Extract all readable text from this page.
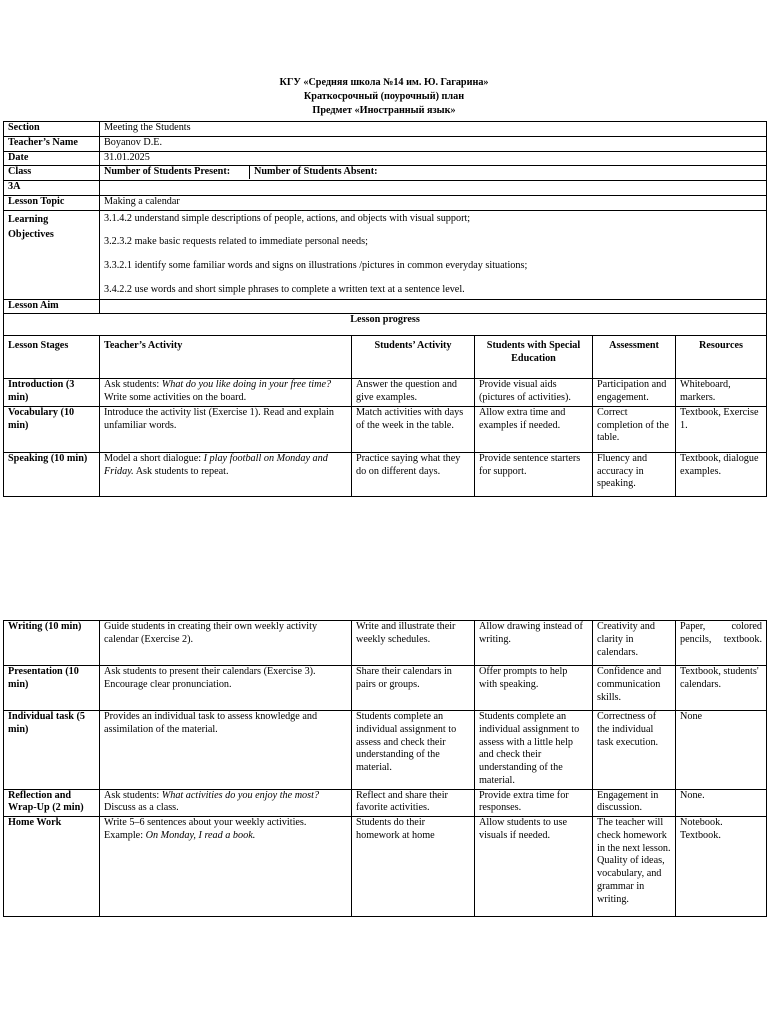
КГУ «Средняя школа №14 им. Ю. Гагарина»
Краткосрочный (поурочный) план
Предмет «Иностранный язык»
Section	Meeting the Students				
Teacher’s Name	Boyanov D.E.				
Date	31.01.2025				
Class	Number of Students Present: Number of Students Absent:				

3A					
Lesson Topic	Making a calendar				
Learning Objectives	3.1.4.2 understand simple descriptions of people, actions, and objects with visual support;

3.2.3.2 make basic requests related to immediate personal needs;

3.3.2.1 identify some familiar words and signs on illustrations /pictures in common everyday situations;

3.4.2.2 use words and short simple phrases to complete a written text at a sentence level.				

Lesson Aim					
Lesson progress					
Lesson Stages	Teacher’s Activity	Students’ Activity	Students with Special Education	Assessment	Resources
Introduction (3 min)	Ask students: What do you like doing in your free time? Write some activities on the board.	Answer the question and give examples.	Provide visual aids (pictures of activities).	Participation and engagement.	Whiteboard, markers.
Vocabulary (10 min)	Introduce the activity list (Exercise 1). Read and explain unfamiliar words.	Match activities with days of the week in the table.	Allow extra time and examples if needed.	Correct completion of the table.	Textbook, Exercise 1.
Speaking (10 min)	Model a short dialogue: I play football on Monday and Friday. Ask students to repeat.	Practice saying what they do on different days.	Provide sentence starters for support.	Fluency and accuracy in speaking.	Textbook, dialogue examples.
Writing (10 min)	Guide students in creating their own weekly activity calendar (Exercise 2).	Write and illustrate their weekly schedules.	Allow drawing instead of writing.	Creativity and clarity in calendars.	Paper, colored pencils, textbook.
Presentation (10 min)	Ask students to present their calendars (Exercise 3). Encourage clear pronunciation.	Share their calendars in pairs or groups.	Offer prompts to help with speaking.	Confidence and communication skills.	Textbook, students' calendars.
Individual task (5 min)	Provides an individual task to assess knowledge and assimilation of the material.	Students complete an individual assignment to assess and check their understanding of the material.	Students complete an individual assignment to assess with a little help and check their understanding of the material.	Correctness of the individual task execution.	None
Reflection and Wrap-Up (2 min)	Ask students: What activities do you enjoy the most? Discuss as a class.	Reflect and share their favorite activities.	Provide extra time for responses.	Engagement in discussion.	None.
Home Work	Write 5–6 sentences about your weekly activities. Example: On Monday, I read a book.	Students do their homework at home	Allow students to use visuals if needed.	The teacher will check homework in the next lesson. Quality of ideas, vocabulary, and grammar in writing.	Notebook. Textbook.
